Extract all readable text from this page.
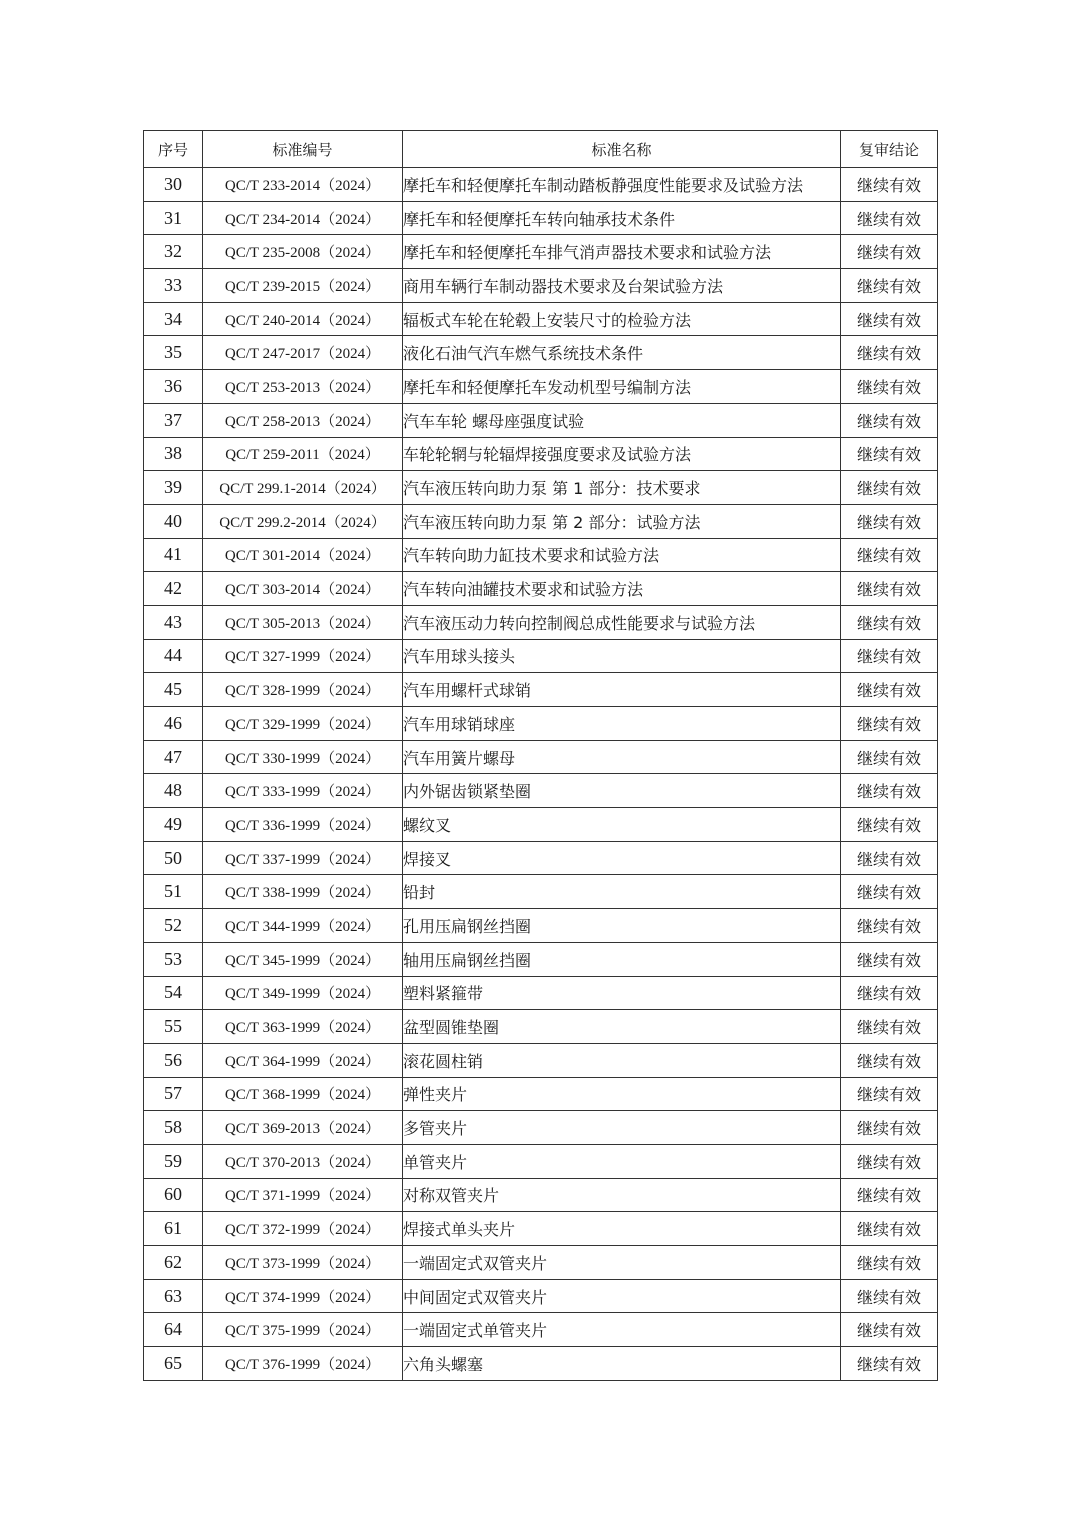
序号	标准编号	标准名称	复审结论
30	QC/T 233-2014（2024）	摩托车和轻便摩托车制动踏板静强度性能要求及试验方法	继续有效
31	QC/T 234-2014（2024）	摩托车和轻便摩托车转向轴承技术条件	继续有效
32	QC/T 235-2008（2024）	摩托车和轻便摩托车排气消声器技术要求和试验方法	继续有效
33	QC/T 239-2015（2024）	商用车辆行车制动器技术要求及台架试验方法	继续有效
34	QC/T 240-2014（2024）	辐板式车轮在轮毂上安装尺寸的检验方法	继续有效
35	QC/T 247-2017（2024）	液化石油气汽车燃气系统技术条件	继续有效
36	QC/T 253-2013（2024）	摩托车和轻便摩托车发动机型号编制方法	继续有效
37	QC/T 258-2013（2024）	汽车车轮 螺母座强度试验	继续有效
38	QC/T 259-2011（2024）	车轮轮辋与轮辐焊接强度要求及试验方法	继续有效
39	QC/T 299.1-2014（2024）	汽车液压转向助力泵 第 1 部分：技术要求	继续有效
40	QC/T 299.2-2014（2024）	汽车液压转向助力泵 第 2 部分：试验方法	继续有效
41	QC/T 301-2014（2024）	汽车转向助力缸技术要求和试验方法	继续有效
42	QC/T 303-2014（2024）	汽车转向油罐技术要求和试验方法	继续有效
43	QC/T 305-2013（2024）	汽车液压动力转向控制阀总成性能要求与试验方法	继续有效
44	QC/T 327-1999（2024）	汽车用球头接头	继续有效
45	QC/T 328-1999（2024）	汽车用螺杆式球销	继续有效
46	QC/T 329-1999（2024）	汽车用球销球座	继续有效
47	QC/T 330-1999（2024）	汽车用簧片螺母	继续有效
48	QC/T 333-1999（2024）	内外锯齿锁紧垫圈	继续有效
49	QC/T 336-1999（2024）	螺纹叉	继续有效
50	QC/T 337-1999（2024）	焊接叉	继续有效
51	QC/T 338-1999（2024）	铅封	继续有效
52	QC/T 344-1999（2024）	孔用压扁钢丝挡圈	继续有效
53	QC/T 345-1999（2024）	轴用压扁钢丝挡圈	继续有效
54	QC/T 349-1999（2024）	塑料紧箍带	继续有效
55	QC/T 363-1999（2024）	盆型圆锥垫圈	继续有效
56	QC/T 364-1999（2024）	滚花圆柱销	继续有效
57	QC/T 368-1999（2024）	弹性夹片	继续有效
58	QC/T 369-2013（2024）	多管夹片	继续有效
59	QC/T 370-2013（2024）	单管夹片	继续有效
60	QC/T 371-1999（2024）	对称双管夹片	继续有效
61	QC/T 372-1999（2024）	焊接式单头夹片	继续有效
62	QC/T 373-1999（2024）	一端固定式双管夹片	继续有效
63	QC/T 374-1999（2024）	中间固定式双管夹片	继续有效
64	QC/T 375-1999（2024）	一端固定式单管夹片	继续有效
65	QC/T 376-1999（2024）	六角头螺塞	继续有效
